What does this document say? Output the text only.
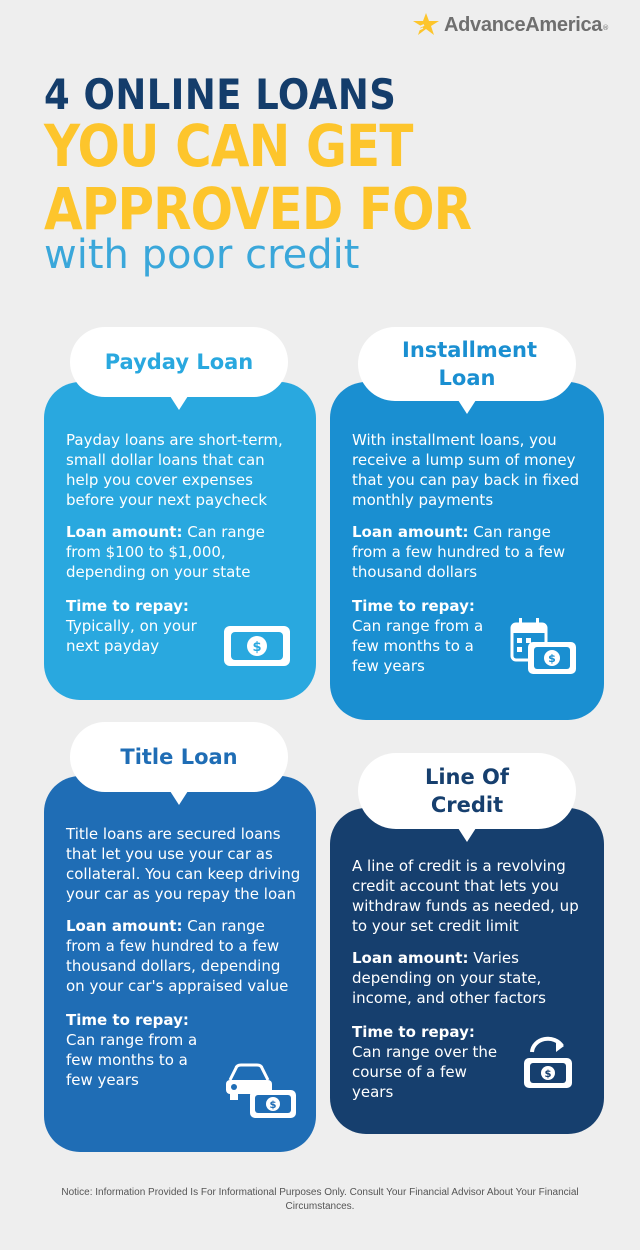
AdvanceAmerica ®
4 ONLINE LOANS
YOU CAN GET
APPROVED FOR
with poor credit

Payday loans are short-term, small dollar loans that can help you cover expenses before your next paycheck

Loan amount: Can range from $100 to $1,000, depending on your state
Time to repay:
Typically, on your next payday	$
Payday Loan

With installment loans, you receive a lump sum of money that you can pay back in fixed monthly payments

Loan amount: Can range from a few hundred to a few thousand dollars
Time to repay:
Can range from a few months to a few years	$
Installment Loan

Title loans are secured loans that let you use your car as collateral. You can keep driving your car as you repay the loan

Loan amount: Can range from a few hundred to a few thousand dollars, depending on your car's appraised value
Time to repay:
Can range from a few months to a few years
$
Title Loan

A line of credit is a revolving credit account that lets you withdraw funds as needed, up to your set credit limit

Loan amount: Varies depending on your state, income, and other factors
Time to repay:
Can range over the course of a few years
$
Line Of Credit
Notice: Information Provided Is For Informational Purposes Only. Consult Your Financial Advisor About Your Financial Circumstances.
